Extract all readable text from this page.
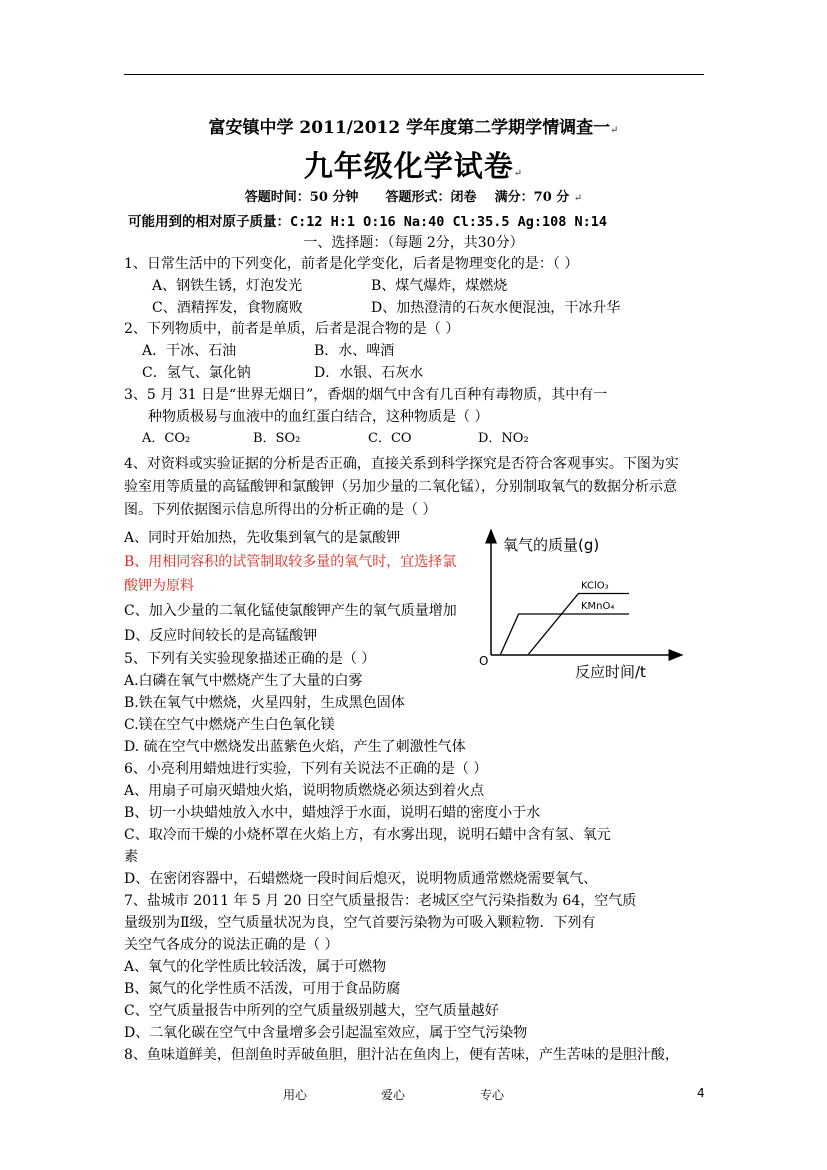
富安镇中学 2011/2012 学年度第二学期学情调查一↵
九年级化学试卷↵
答题时间：50 分钟      答题形式：闭卷    满分：70 分 ↵
可能用到的相对原子质量：C:12 H:1 O:16 Na:40 Cl:35.5 Ag:108 N:14
一、选择题：（每题 2分，共30分）
1、日常生活中的下列变化，前者是化学变化，后者是物理变化的是：（ ）
A、钢铁生锈，灯泡发光	B、煤气爆炸，煤燃烧
C、酒精挥发，食物腐败	D、加热澄清的石灰水便混浊，干冰升华
2、下列物质中，前者是单质，后者是混合物的是（ ）
A．干冰、石油	B．水、啤酒
C．氢气、氯化钠	D．水银、石灰水
3、5 月 31 日是“世界无烟日”，香烟的烟气中含有几百种有毒物质，其中有一
种物质极易与血液中的血红蛋白结合，这种物质是（ ）
A．CO₂	B．SO₂	C．CO	D．NO₂
4、对资料或实验证据的分析是否正确，直接关系到科学探究是否符合客观事实。下图为实
验室用等质量的高锰酸钾和氯酸钾（另加少量的二氧化锰），分别制取氧气的数据分析示意
图。下列依据图示信息所得出的分析正确的是（ ）
A、同时开始加热，先收集到氧气的是氯酸钾
B、用相同容积的试管制取较多量的氧气时，宜选择氯
酸钾为原料
C、加入少量的二氧化锰使氯酸钾产生的氧气质量增加
D、反应时间较长的是高锰酸钾
氧气的质量(g)
反应时间/t
O
KClO₃
KMnO₄
5、下列有关实验现象描述正确的是（ ）
A.白磷在氧气中燃烧产生了大量的白雾
B.铁在氧气中燃烧，火星四射，生成黑色固体
C.镁在空气中燃烧产生白色氧化镁
D. 硫在空气中燃烧发出蓝紫色火焰，产生了刺激性气体
6、小亮利用蜡烛进行实验，下列有关说法不正确的是（ ）
A、用扇子可扇灭蜡烛火焰，说明物质燃烧必须达到着火点
B、切一小块蜡烛放入水中，蜡烛浮于水面，说明石蜡的密度小于水
C、取冷而干燥的小烧杯罩在火焰上方，有水雾出现，说明石蜡中含有氢、氧元
素
D、在密闭容器中，石蜡燃烧一段时间后熄灭，说明物质通常燃烧需要氧气、
7、盐城市 2011 年 5 月 20 日空气质量报告：老城区空气污染指数为 64，空气质
量级别为Ⅱ级，空气质量状况为良，空气首要污染物为可吸入颗粒物．下列有
关空气各成分的说法正确的是（ ）
A、氧气的化学性质比较活泼，属于可燃物
B、氮气的化学性质不活泼，可用于食品防腐
C、空气质量报告中所列的空气质量级别越大，空气质量越好
D、二氧化碳在空气中含量增多会引起温室效应，属于空气污染物
8、鱼味道鲜美，但剖鱼时弄破鱼胆，胆汁沾在鱼肉上，便有苦味，产生苦味的是胆汁酸，
用心	爱心	专心	4
